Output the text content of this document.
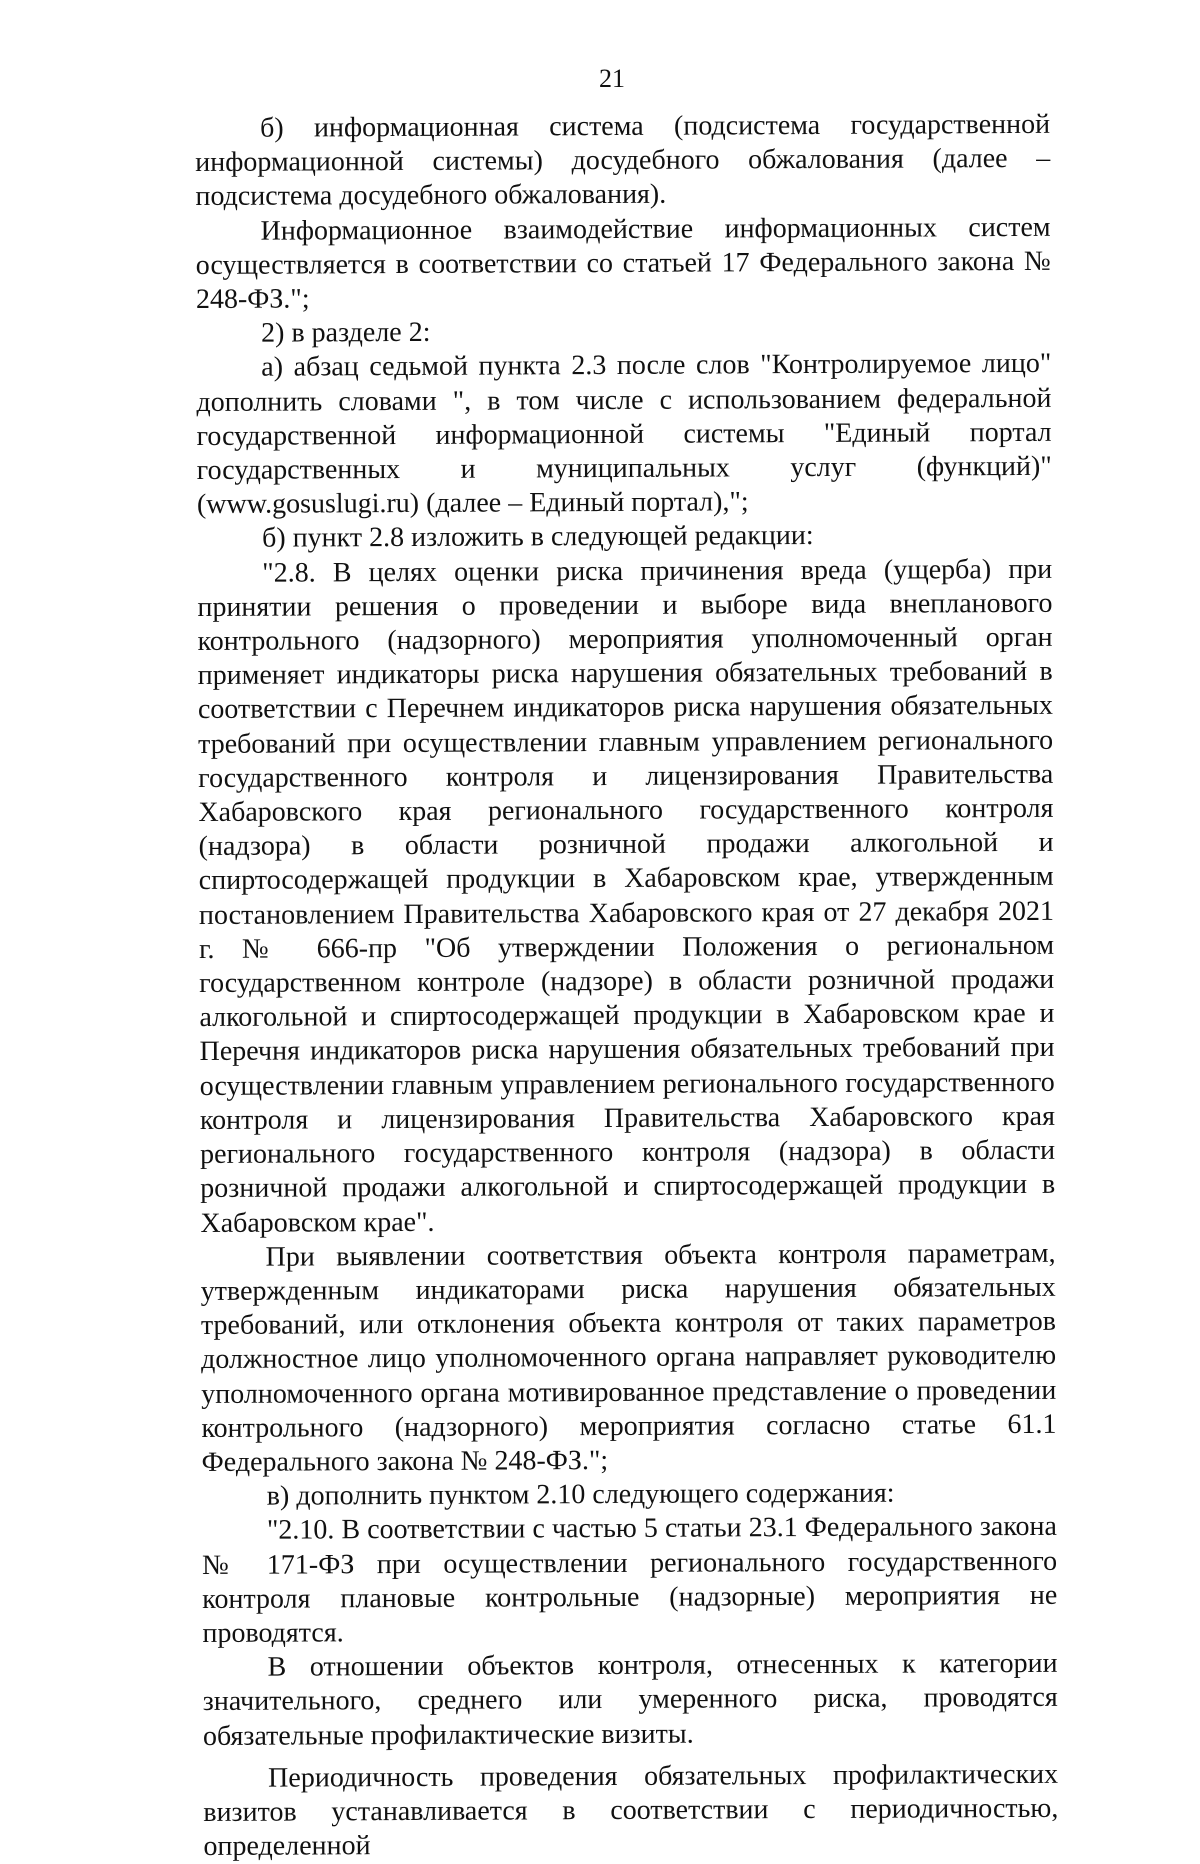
21

б) информационная система (подсистема государственной информационной системы) досудебного обжалования (далее – подсистема досудебного обжалования).

Информационное взаимодействие информационных систем осуществляется в соответствии со статьей 17 Федерального закона № 248-ФЗ.";

2) в разделе 2:

а) абзац седьмой пункта 2.3 после слов "Контролируемое лицо" дополнить словами ", в том числе с использованием федеральной государственной информационной системы "Единый портал государственных и муниципальных услуг (функций)" (www.gosuslugi.ru) (далее – Единый портал),";

б) пункт 2.8 изложить в следующей редакции:

"2.8. В целях оценки риска причинения вреда (ущерба) при принятии решения о проведении и выборе вида внепланового контрольного (надзорного) мероприятия уполномоченный орган применяет индикаторы риска нарушения обязательных требований в соответствии с Перечнем индикаторов риска нарушения обязательных требований при осуществлении главным управлением регионального государственного контроля и лицензирования Правительства Хабаровского края регионального государственного контроля (надзора) в области розничной продажи алкогольной и спиртосодержащей продукции в Хабаровском крае, утвержденным постановлением Правительства Хабаровского края от 27 декабря 2021 г. № 666-пр "Об утверждении Положения о региональном государственном контроле (надзоре) в области розничной продажи алкогольной и спиртосодержащей продукции в Хабаровском крае и Перечня индикаторов риска нарушения обязательных требований при осуществлении главным управлением регионального государственного контроля и лицензирования Правительства Хабаровского края регионального государственного контроля (надзора) в области розничной продажи алкогольной и спиртосодержащей продукции в Хабаровском крае".

При выявлении соответствия объекта контроля параметрам, утвержденным индикаторами риска нарушения обязательных требований, или отклонения объекта контроля от таких параметров должностное лицо уполномоченного органа направляет руководителю уполномоченного органа мотивированное представление о проведении контрольного (надзорного) мероприятия согласно статье 61.1 Федерального закона № 248-ФЗ.";

в) дополнить пунктом 2.10 следующего содержания:

"2.10. В соответствии с частью 5 статьи 23.1 Федерального закона № 171-ФЗ при осуществлении регионального государственного контроля плановые контрольные (надзорные) мероприятия не проводятся.

В отношении объектов контроля, отнесенных к категории значительного, среднего или умеренного риска, проводятся обязательные профилактические визиты.

Периодичность проведения обязательных профилактических визитов устанавливается в соответствии с периодичностью, определенной
